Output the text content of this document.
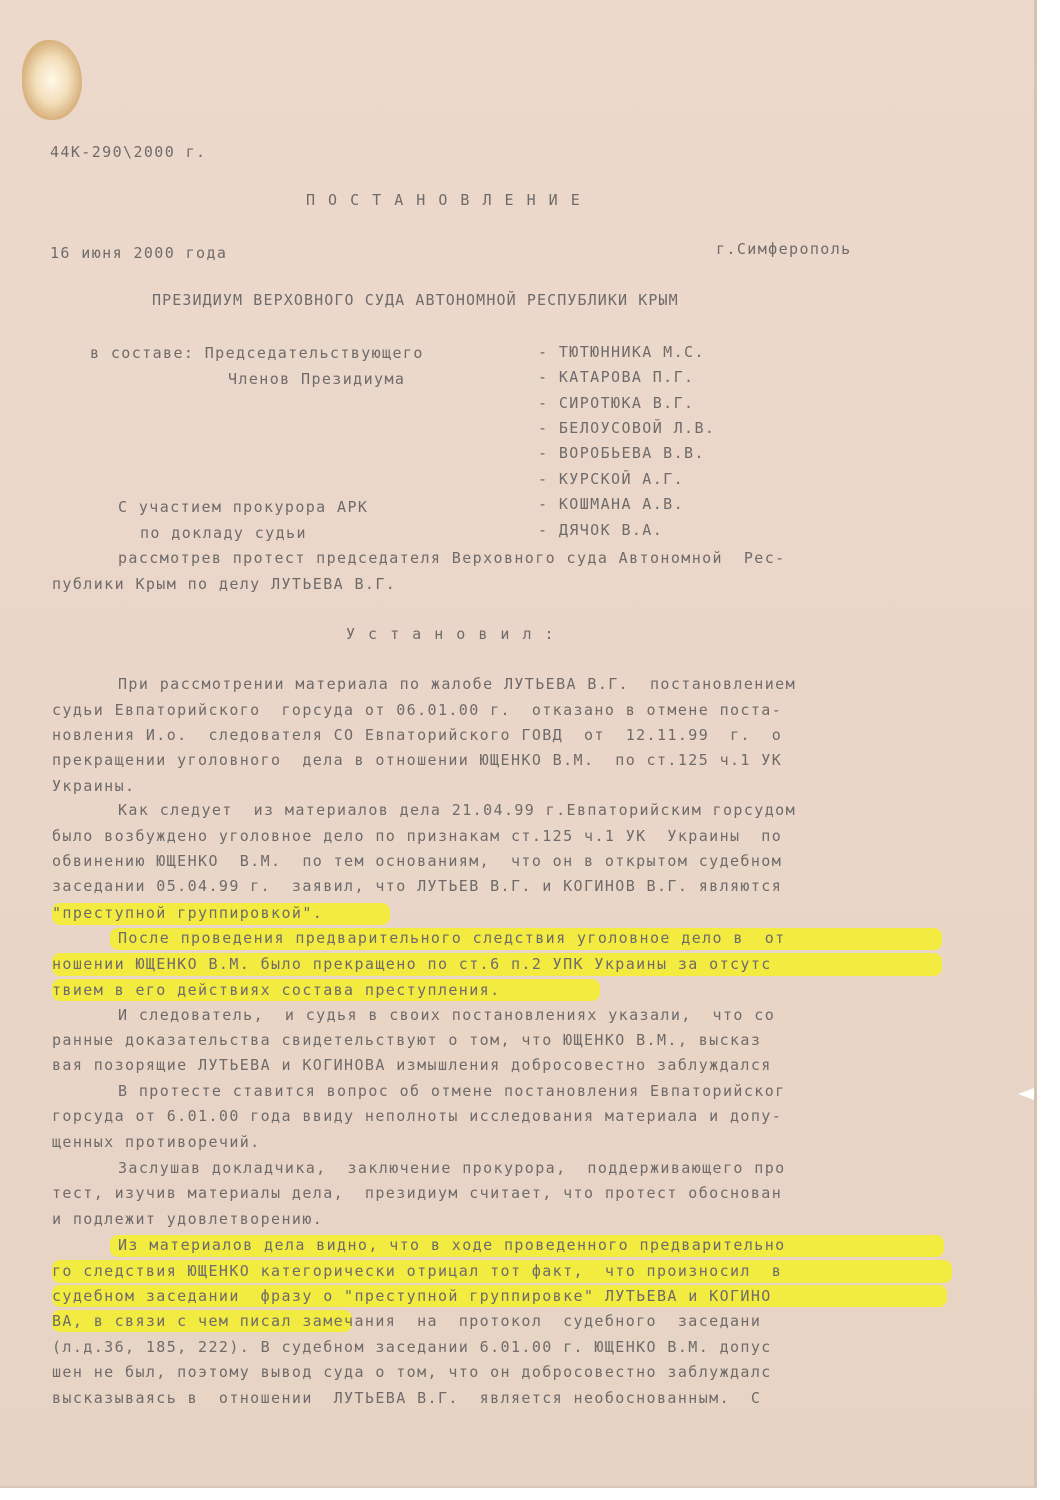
44К-290\2000 г.
П О С Т А Н О В Л Е Н И Е
16 июня 2000 года	г.Симферополь
ПРЕЗИДИУМ ВЕРХОВНОГО СУДА АВТОНОМНОЙ РЕСПУБЛИКИ КРЫМ
в составе: Председательствующего
Членов Президиума
С участием прокурора АРК
по докладу судьи
- ТЮТЮННИКА М.С.
- КАТАРОВА П.Г.
- СИРОТЮКА В.Г.
- БЕЛОУСОВОЙ Л.В.
- ВОРОБЬЕВА В.В.
- КУРСКОЙ А.Г.
- КОШМАНА А.В.
- ДЯЧОК В.А.
рассмотрев протест председателя Верховного суда Автономной  Рес-
публики Крым по делу ЛУТЬЕВА В.Г.
У с т а н о в и л :
При рассмотрении материала по жалобе ЛУТЬЕВА В.Г.  постановлением
судьи Евпаторийского  горсуда от 06.01.00 г.  отказано в отмене поста-
новления И.о.  следователя СО Евпаторийского ГОВД  от  12.11.99  г.  о
прекращении уголовного  дела в отношении ЮЩЕНКО В.М.  по ст.125 ч.1 УК
Украины.
Как следует  из материалов дела 21.04.99 г.Евпаторийским горсудом
было возбуждено уголовное дело по признакам ст.125 ч.1 УК  Украины  по
обвинению ЮЩЕНКО  В.М.  по тем основаниям,  что он в открытом судебном
заседании 05.04.99 г.  заявил, что ЛУТЬЕВ В.Г. и КОГИНОВ В.Г. являются
"преступной группировкой".
После проведения предварительного следствия уголовное дело в  от
ношении ЮЩЕНКО В.М. было прекращено по ст.6 п.2 УПК Украины за отсутс
твием в его действиях состава преступления.
И следователь,  и судья в своих постановлениях указали,  что со
ранные доказательства свидетельствуют о том, что ЮЩЕНКО В.М., высказ
вая позорящие ЛУТЬЕВА и КОГИНОВА измышления добросовестно заблуждался
В протесте ставится вопрос об отмене постановления Евпаторийског
горсуда от 6.01.00 года ввиду неполноты исследования материала и допу-
щенных противоречий.
Заслушав докладчика,  заключение прокурора,  поддерживающего про
тест, изучив материалы дела,  президиум считает, что протест обоснован
и подлежит удовлетворению.
Из материалов дела видно, что в ходе проведенного предварительно
го следствия ЮЩЕНКО категорически отрицал тот факт,  что произносил  в
судебном заседании  фразу о "преступной группировке" ЛУТЬЕВА и КОГИНО
ВА, в связи с чем писал замечания  на  протокол  судебного  заседани
(л.д.36, 185, 222). В судебном заседании 6.01.00 г. ЮЩЕНКО В.М. допус
шен не был, поэтому вывод суда о том, что он добросовестно заблуждалс
высказываясь в  отношении  ЛУТЬЕВА В.Г.  является необоснованным.  С
